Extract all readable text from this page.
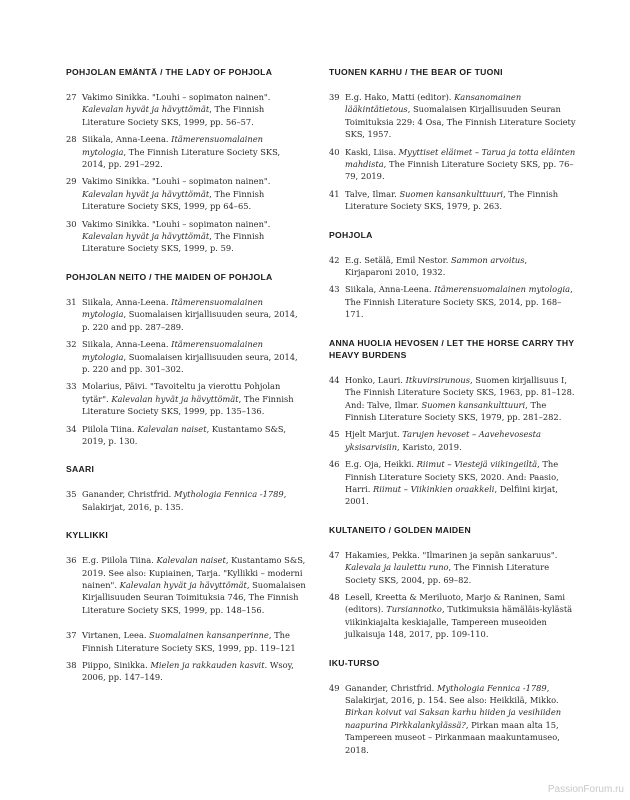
POHJOLAN EMÄNTÄ / THE LADY OF POHJOLA
27 Vakimo Sinikka. "Louhi – sopimaton nainen". Kalevalan hyvät ja hävyttömät, The Finnish Literature Society SKS, 1999, pp. 56–57.
28 Siikala, Anna-Leena. Itämerensuomalainen mytologia, The Finnish Literature Society SKS, 2014, pp. 291–292.
29 Vakimo Sinikka. "Louhi – sopimaton nainen". Kalevalan hyvät ja hävyttömät, The Finnish Literature Society SKS, 1999, pp 64–65.
30 Vakimo Sinikka. "Louhi – sopimaton nainen". Kalevalan hyvät ja hävyttömät, The Finnish Literature Society SKS, 1999, p. 59.
POHJOLAN NEITO / THE MAIDEN OF POHJOLA
31 Siikala, Anna-Leena. Itämerensuomalainen mytologia, Suomalaisen kirjallisuuden seura, 2014, p. 220 and pp. 287–289.
32 Siikala, Anna-Leena. Itämerensuomalainen mytologia, Suomalaisen kirjallisuuden seura, 2014, p. 220 and pp. 301–302.
33 Molarius, Päivi. "Tavoiteltu ja vierottu Pohjolan tytär". Kalevalan hyvät ja hävyttömät, The Finnish Literature Society SKS, 1999, pp. 135–136.
34 Piilola Tiina. Kalevalan naiset, Kustantamo S&S, 2019, p. 130.
SAARI
35 Ganander, Christfrid. Mythologia Fennica -1789, Salakirjat, 2016, p. 135.
KYLLIKKI
36 E.g. Piilola Tiina. Kalevalan naiset, Kustantamo S&S, 2019. See also: Kupiainen, Tarja. "Kyllikki – moderni nainen". Kalevalan hyvät ja hävyttömät, Suomalaisen Kirjallisuuden Seuran Toimituksia 746, The Finnish Literature Society SKS, 1999, pp. 148–156.
37 Virtanen, Leea. Suomalainen kansanperinne, The Finnish Literature Society SKS, 1999, pp. 119–121
38 Piippo, Sinikka. Mielen ja rakkauden kasvit. Wsoy, 2006, pp. 147–149.
TUONEN KARHU / THE BEAR OF TUONI
39 E.g. Hako, Matti (editor). Kansanomainen lääkintätietous, Suomalaisen Kirjallisuuden Seuran Toimituksia 229: 4 Osa, The Finnish Literature Society SKS, 1957.
40 Kaski, Liisa. Myyttiset eläimet – Tarua ja totta eläinten mahdista, The Finnish Literature Society SKS, pp. 76–79, 2019.
41 Talve, Ilmar. Suomen kansankulttuuri, The Finnish Literature Society SKS, 1979, p. 263.
POHJOLA
42 E.g. Setälä, Emil Nestor. Sammon arvoitus, Kirjaparoni 2010, 1932.
43 Siikala, Anna-Leena. Itämerensuomalainen mytologia, The Finnish Literature Society SKS, 2014, pp. 168–171.
ANNA HUOLIA HEVOSEN / LET THE HORSE CARRY THY HEAVY BURDENS
44 Honko, Lauri. Itkuvirsirunous, Suomen kirjallisuus I, The Finnish Literature Society SKS, 1963, pp. 81–128. And: Talve, Ilmar. Suomen kansankulttuuri, The Finnish Literature Society SKS, 1979, pp. 281–282.
45 Hjelt Marjut. Tarujen hevoset – Aavehevosesta yksisarvisiin, Karisto, 2019.
46 E.g. Oja, Heikki. Riimut – Viestejä viikingeiltä, The Finnish Literature Society SKS, 2020. And: Paasio, Harri. Riimut – Viikinkien oraakkeli, Delfiini kirjat, 2001.
KULTANEITO / GOLDEN MAIDEN
47 Hakamies, Pekka. "Ilmarinen ja sepän sankaruus". Kalevala ja laulettu runo, The Finnish Literature Society SKS, 2004, pp. 69–82.
48 Lesell, Kreetta & Meriluoto, Marjo & Raninen, Sami (editors). Tursiannotko, Tutkimuksia hämäläis-kylästä viikinkiajalta keskiajalle, Tampereen museoiden julkaisuja 148, 2017, pp. 109-110.
IKU-TURSO
49 Ganander, Christfrid. Mythologia Fennica -1789, Salakirjat, 2016, p. 154. See also: Heikkilä, Mikko. Birkan koivut vai Saksan karhu hiiden ja vesihiiden naapurina Pirkkalankylässä?, Pirkan maan alta 15, Tampereen museot – Pirkanmaan maakuntamuseo, 2018.
PassionForum.ru
